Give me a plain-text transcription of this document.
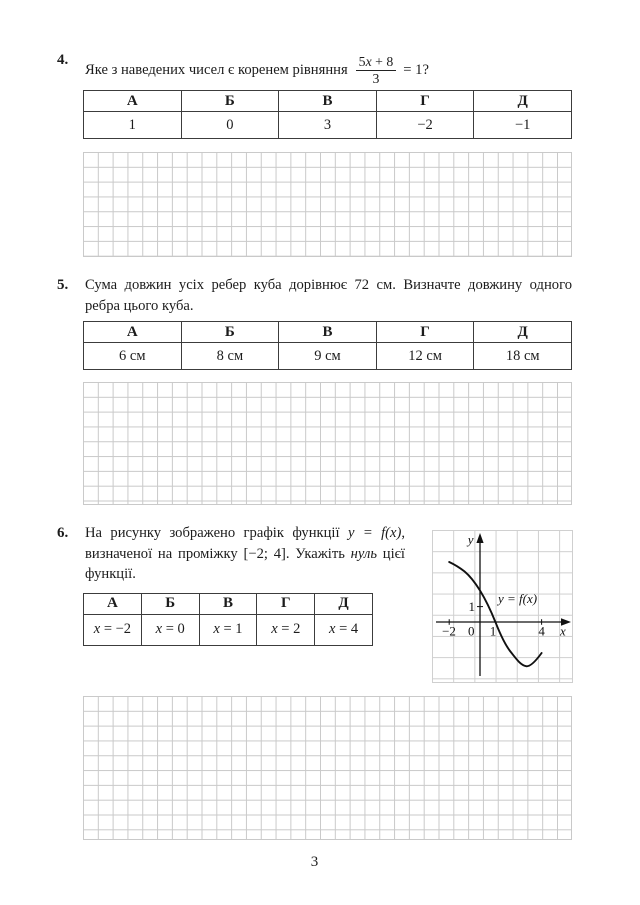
4.
Яке з наведених чисел є коренем рівняння $\frac{5x + 8}{3} = 1$?
А	Б	В	Г	Д
1	0	3	−2	−1
5.	Сума довжин усіх ребер куба дорівнює 72 см. Визначте довжину одного ребра цього куба.

А	Б	В	Г	Д
6 см	8 см	9 см	12 см	18 см
6.	На рисунку зображено графік функції y = f(x), визначеної на проміжку [−2; 4]. Укажіть нуль цієї функції.

А	Б	В	Г	Д
x = −2	x = 0	x = 1	x = 2	x = 4
y
x
0 1
−2	4
1
y = f(x)
3
